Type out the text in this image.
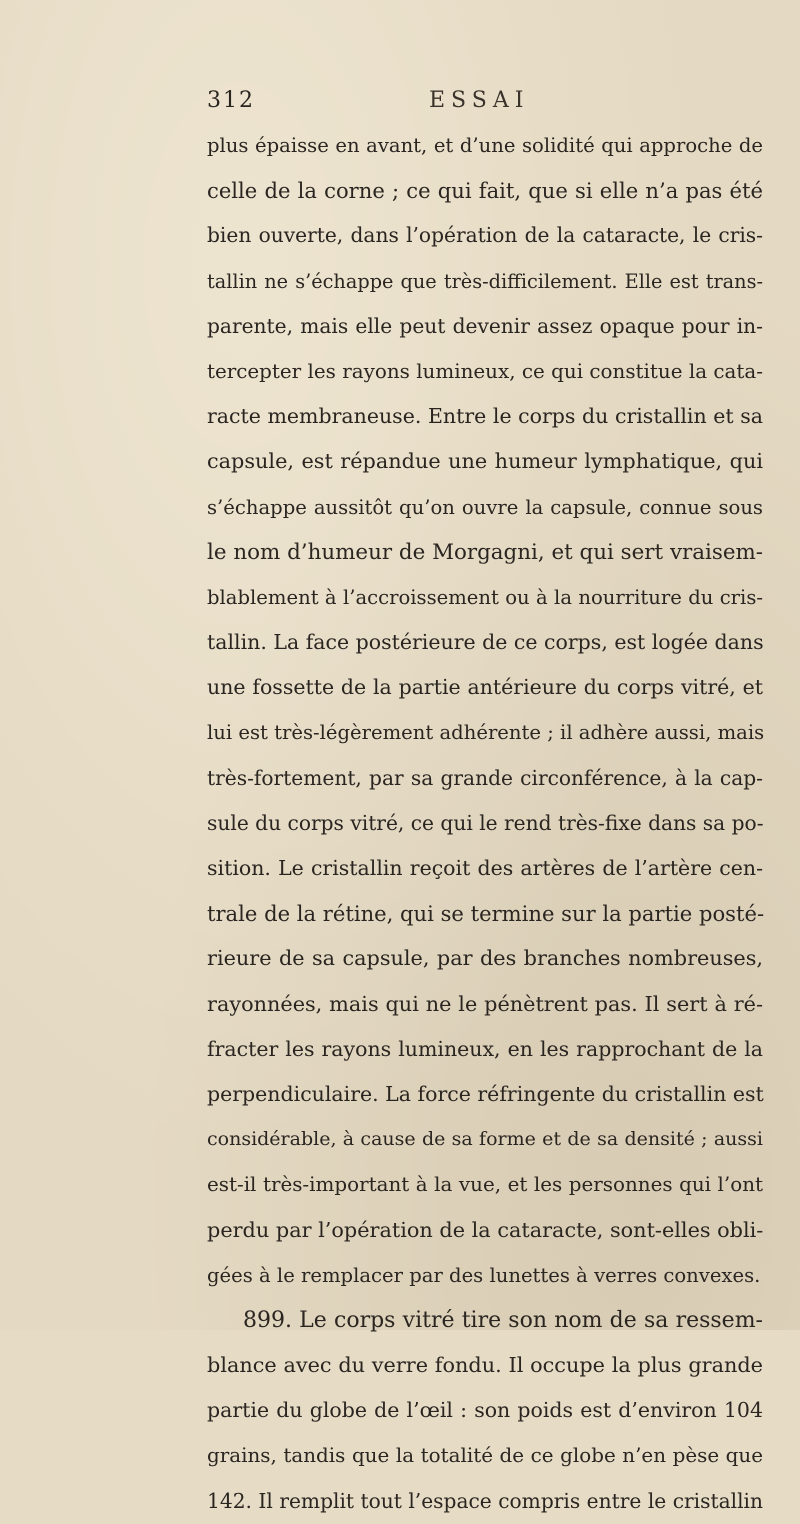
312	ESSAI
plus épaisse en avant, et d’une solidité qui approche de
celle de la corne ; ce qui fait, que si elle n’a pas été
bien ouverte, dans l’opération de la cataracte, le cris-
tallin ne s’échappe que très-difficilement. Elle est trans-
parente, mais elle peut devenir assez opaque pour in-
tercepter les rayons lumineux, ce qui constitue la cata-
racte membraneuse. Entre le corps du cristallin et sa
capsule, est répandue une humeur lymphatique, qui
s’échappe aussitôt qu’on ouvre la capsule, connue sous
le nom d’humeur de Morgagni, et qui sert vraisem-
blablement à l’accroissement ou à la nourriture du cris-
tallin. La face postérieure de ce corps, est logée dans
une fossette de la partie antérieure du corps vitré, et
lui est très-légèrement adhérente ; il adhère aussi, mais
très-fortement, par sa grande circonférence, à la cap-
sule du corps vitré, ce qui le rend très-fixe dans sa po-
sition. Le cristallin reçoit des artères de l’artère cen-
trale de la rétine, qui se termine sur la partie posté-
rieure de sa capsule, par des branches nombreuses,
rayonnées, mais qui ne le pénètrent pas. Il sert à ré-
fracter les rayons lumineux, en les rapprochant de la
perpendiculaire. La force réfringente du cristallin est
considérable, à cause de sa forme et de sa densité ; aussi
est-il très-important à la vue, et les personnes qui l’ont
perdu par l’opération de la cataracte, sont-elles obli-
gées à le remplacer par des lunettes à verres convexes.
899. Le corps vitré tire son nom de sa ressem-
blance avec du verre fondu. Il occupe la plus grande
partie du globe de l’œil : son poids est d’environ 104
grains, tandis que la totalité de ce globe n’en pèse que
142. Il remplit tout l’espace compris entre le cristallin
